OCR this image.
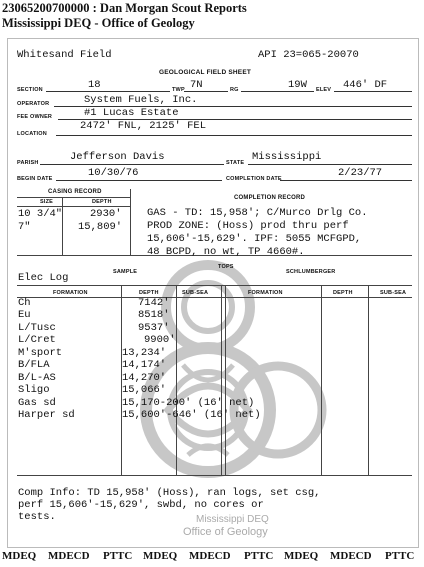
23065200700000 : Dan Morgan Scout Reports
Mississippi DEQ - Office of Geology
Whitesand Field	API 23=065-20070
GEOLOGICAL FIELD SHEET
SECTION	18	TWP 7N	RG	19W ELEV 446' DF
OPERATOR	System Fuels, Inc.
FEE OWNER	#1 Lucas Estate
2472' FNL, 2125' FEL
LOCATION
PARISH	Jefferson Davis	STATE Mississippi
BEGIN DATE	10/30/76	COMPLETION DATE	2/23/77
CASING RECORD
SIZE	DEPTH
10 3/4"	2930'
7"	15,809'
COMPLETION RECORD
GAS - TD: 15,958'; C/Murco Drlg Co.
PROD ZONE: (Hoss) prod thru perf
15,606'-15,629'. IPF: 5055 MCFGPD,
48 BCPD, no wt, TP 4660#.
Mississippi DEQ
Office of Geology
Elec Log	SAMPLE
TOPS
SCHLUMBERGER
FORMATION	DEPTH	SUB-SEA	FORMATION	DEPTH	SUB-SEA
Ch	7142'
Eu	8518'
L/Tusc	9537'
L/Cret	9900'
M'sport	13,234'
B/FLA	14,174'
B/L-AS	14,270'
Sligo	15,066'
Gas sd	15,170-200' (16' net)
Harper sd	15,600'-646' (16' net)
Comp Info: TD 15,958' (Hoss), ran logs, set csg,
perf 15,606'-15,629', swbd, no cores or
tests.
MDEQ MDECD PTTC MDEQ MDECD PTTC MDEQ MDECD PTTC
